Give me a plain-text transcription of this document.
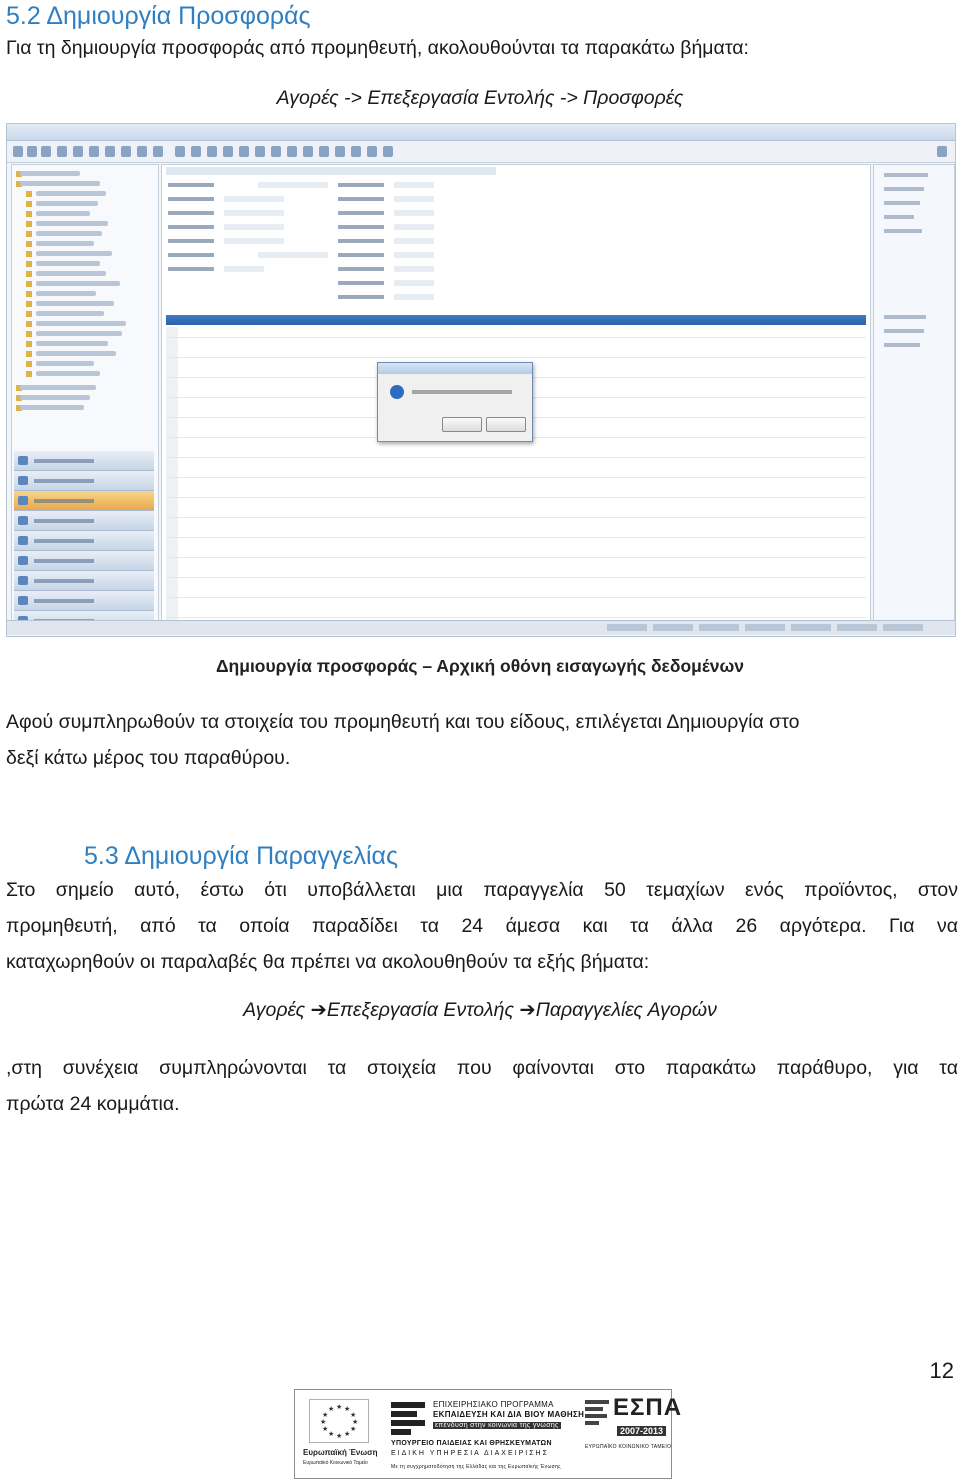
5.2 Δημιουργία Προσφοράς
Για τη δημιουργία προσφοράς από προμηθευτή, ακολουθούνται τα παρακάτω βήματα:
Αγορές -> Επεξεργασία Εντολής -> Προσφορές
Δημιουργία προσφοράς – Αρχική οθόνη εισαγωγής δεδομένων
Αφού συμπληρωθούν τα στοιχεία του προμηθευτή και του είδους, επιλέγεται Δημιουργία στο
δεξί κάτω μέρος του παραθύρου.
5.3 Δημιουργία Παραγγελίας
Στο σημείο αυτό, έστω ότι υποβάλλεται μια παραγγελία 50 τεμαχίων ενός προϊόντος, στον
προμηθευτή, από τα οποία παραδίδει τα 24 άμεσα και τα άλλα 26 αργότερα. Για να
καταχωρηθούν οι παραλαβές θα πρέπει να ακολουθηθούν τα εξής βήματα:
Αγορές ➔Επεξεργασία Εντολής ➔Παραγγελίες Αγορών
,στη συνέχεια συμπληρώνονται τα στοιχεία που φαίνονται στο παρακάτω παράθυρο, για τα
πρώτα 24 κομμάτια.
12
★ ★
★
★
★
★
★
★
★
★
★
★
Ευρωπαϊκή Ένωση
Ευρωπαϊκό Κοινωνικό Ταμείο
ΕΠΙΧΕΙΡΗΣΙΑΚΟ ΠΡΟΓΡΑΜΜΑ
ΕΚΠΑΙΔΕΥΣΗ ΚΑΙ ΔΙΑ ΒΙΟΥ ΜΑΘΗΣΗ
επένδυση στην κοινωνία της γνώσης
ΥΠΟΥΡΓΕΙΟ ΠΑΙΔΕΙΑΣ ΚΑΙ ΘΡΗΣΚΕΥΜΑΤΩΝ
ΕΙΔΙΚΗ ΥΠΗΡΕΣΙΑ ΔΙΑΧΕΙΡΙΣΗΣ
Με τη συγχρηματοδότηση της Ελλάδας και της Ευρωπαϊκής Ένωσης
ΕΣΠΑ
2007-2013
ΕΥΡΩΠΑΪΚΟ ΚΟΙΝΩΝΙΚΟ ΤΑΜΕΙΟ
